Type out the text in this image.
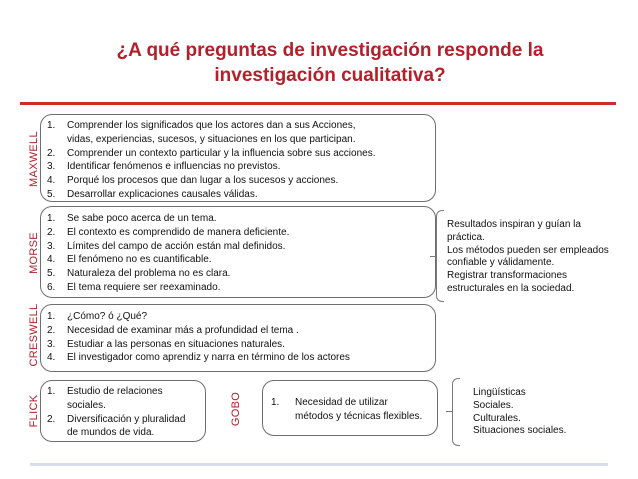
¿A qué preguntas de investigación responde la
investigación cualitativa?
MAXWELL
1. Comprender los significados que los actores dan a sus Acciones,
vidas, experiencias, sucesos, y situaciones en los que participan.
2. Comprender un contexto particular y la influencia sobre sus acciones.
3. Identificar fenómenos e influencias no previstos.
4. Porqué los procesos que dan lugar a los sucesos y acciones.
5. Desarrollar explicaciones causales válidas.
MORSE
1. Se sabe poco acerca de un tema.
2. El contexto es comprendido de manera deficiente.
3. Límites del campo de acción están mal definidos.
4. El fenómeno no es cuantificable.
5. Naturaleza del problema no es clara.
6. El tema requiere ser reexaminado.
Resultados inspiran y guían la
práctica.
Los métodos pueden ser empleados
confiable y válidamente.
Registrar transformaciones
estructurales en la sociedad.
CRESWELL 1. ¿Cómo? ó ¿Qué?
2. Necesidad de examinar más a profundidad el tema .
3. Estudiar a las personas en situaciones naturales.
4. El investigador como aprendiz y narra en término de los actores
FLICK
1. Estudio de relaciones
sociales.
2. Diversificación y pluralidad
de mundos de vida.
GOBO	1. Necesidad de utilizar
métodos y técnicas flexibles.
Lingüísticas
Sociales.
Culturales.
Situaciones sociales.
